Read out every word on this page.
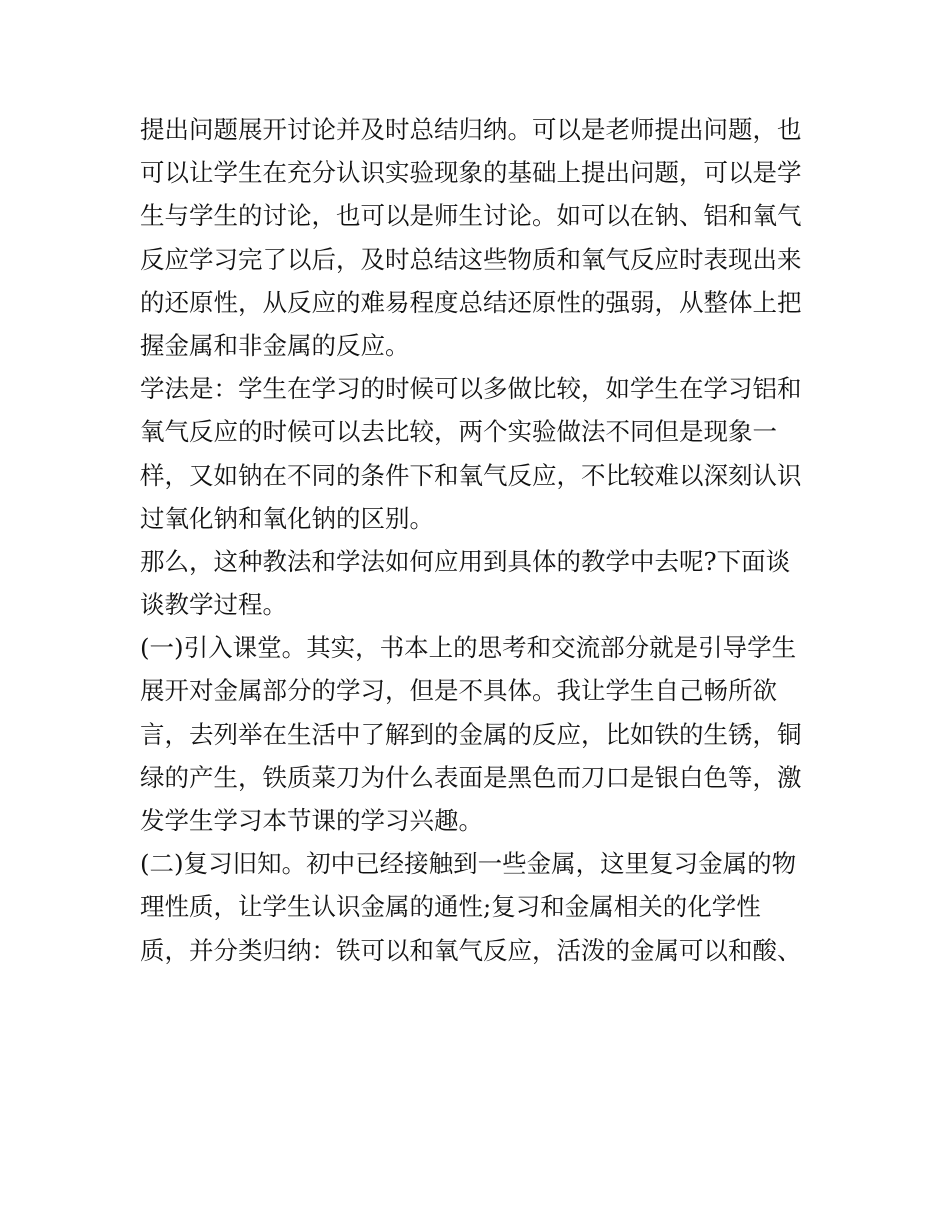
提出问题展开讨论并及时总结归纳。可以是老师提出问题，也
可以让学生在充分认识实验现象的基础上提出问题，可以是学
生与学生的讨论，也可以是师生讨论。如可以在钠、铝和氧气
反应学习完了以后，及时总结这些物质和氧气反应时表现出来
的还原性，从反应的难易程度总结还原性的强弱，从整体上把
握金属和非金属的反应。
学法是：学生在学习的时候可以多做比较，如学生在学习铝和
氧气反应的时候可以去比较，两个实验做法不同但是现象一
样，又如钠在不同的条件下和氧气反应，不比较难以深刻认识
过氧化钠和氧化钠的区别。
那么，这种教法和学法如何应用到具体的教学中去呢?下面谈
谈教学过程。
(一)引入课堂。其实，书本上的思考和交流部分就是引导学生
展开对金属部分的学习，但是不具体。我让学生自己畅所欲
言，去列举在生活中了解到的金属的反应，比如铁的生锈，铜
绿的产生，铁质菜刀为什么表面是黑色而刀口是银白色等，激
发学生学习本节课的学习兴趣。
(二)复习旧知。初中已经接触到一些金属，这里复习金属的物
理性质，让学生认识金属的通性;复习和金属相关的化学性
质，并分类归纳：铁可以和氧气反应，活泼的金属可以和酸、
